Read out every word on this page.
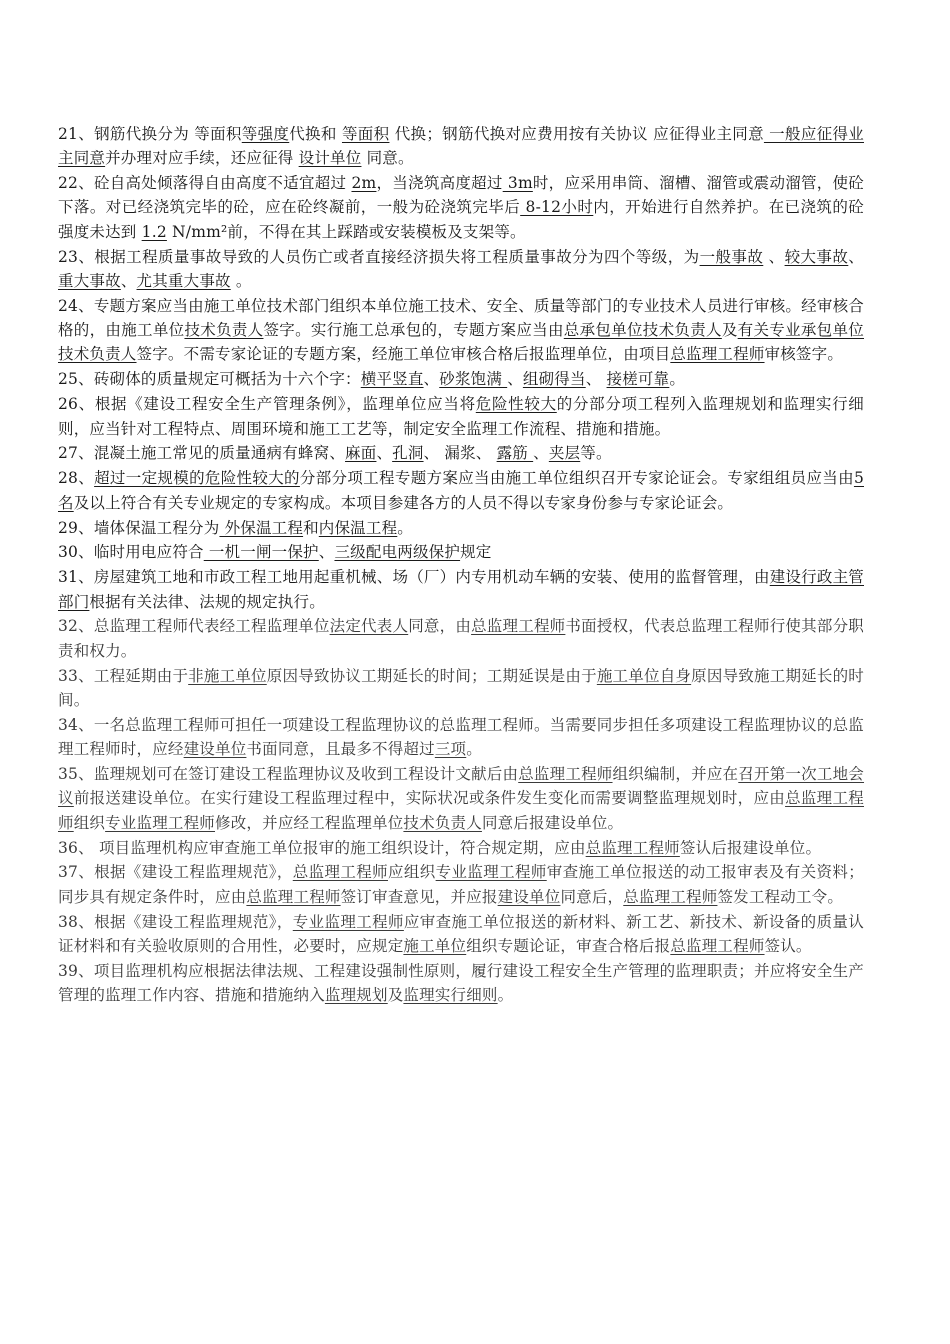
21、钢筋代换分为 等面积等强度代换和 等面积 代换；钢筋代换对应费用按有关协议 应征得业主同意 一般应征得业主同意并办理对应手续，还应征得 设计单位 同意。

22、砼自高处倾落得自由高度不适宜超过 2m，当浇筑高度超过 3m时，应采用串筒、溜槽、溜管或震动溜管，使砼下落。对已经浇筑完毕的砼，应在砼终凝前，一般为砼浇筑完毕后 8-12小时内，开始进行自然养护。在已浇筑的砼强度未达到 1.2 N/mm²前，不得在其上踩踏或安装模板及支架等。

23、根据工程质量事故导致的人员伤亡或者直接经济损失将工程质量事故分为四个等级，为一般事故 、较大事故、重大事故、尤其重大事故 。

24、专题方案应当由施工单位技术部门组织本单位施工技术、安全、质量等部门的专业技术人员进行审核。经审核合格的，由施工单位技术负责人签字。实行施工总承包的，专题方案应当由总承包单位技术负责人及有关专业承包单位技术负责人签字。不需专家论证的专题方案，经施工单位审核合格后报监理单位，由项目总监理工程师审核签字。

25、砖砌体的质量规定可概括为十六个字：横平竖直、砂浆饱满 、组砌得当、 接槎可靠。

26、根据《建设工程安全生产管理条例》，监理单位应当将危险性较大的分部分项工程列入监理规划和监理实行细则，应当针对工程特点、周围环境和施工工艺等，制定安全监理工作流程、措施和措施。

27、混凝土施工常见的质量通病有蜂窝、麻面、孔洞、 漏浆、 露筋 、夹层等。

28、超过一定规模的危险性较大的分部分项工程专题方案应当由施工单位组织召开专家论证会。专家组组员应当由5名及以上符合有关专业规定的专家构成。本项目参建各方的人员不得以专家身份参与专家论证会。

29、墙体保温工程分为 外保温工程和内保温工程。

30、临时用电应符合 一机一闸一保护、三级配电两级保护规定

31、房屋建筑工地和市政工程工地用起重机械、场（厂）内专用机动车辆的安装、使用的监督管理，由建设行政主管部门根据有关法律、法规的规定执行。

32、总监理工程师代表经工程监理单位法定代表人同意，由总监理工程师书面授权，代表总监理工程师行使其部分职责和权力。

33、工程延期由于非施工单位原因导致协议工期延长的时间；工期延误是由于施工单位自身原因导致施工期延长的时间。

34、一名总监理工程师可担任一项建设工程监理协议的总监理工程师。当需要同步担任多项建设工程监理协议的总监理工程师时，应经建设单位书面同意，且最多不得超过三项。

35、监理规划可在签订建设工程监理协议及收到工程设计文献后由总监理工程师组织编制，并应在召开第一次工地会议前报送建设单位。在实行建设工程监理过程中，实际状况或条件发生变化而需要调整监理规划时，应由总监理工程师组织专业监理工程师修改，并应经工程监理单位技术负责人同意后报建设单位。

36、 项目监理机构应审查施工单位报审的施工组织设计，符合规定期，应由总监理工程师签认后报建设单位。

37、根据《建设工程监理规范》，总监理工程师应组织专业监理工程师审查施工单位报送的动工报审表及有关资料；同步具有规定条件时，应由总监理工程师签订审查意见，并应报建设单位同意后，总监理工程师签发工程动工令。

38、根据《建设工程监理规范》，专业监理工程师应审查施工单位报送的新材料、新工艺、新技术、新设备的质量认证材料和有关验收原则的合用性，必要时，应规定施工单位组织专题论证，审查合格后报总监理工程师签认。

39、项目监理机构应根据法律法规、工程建设强制性原则，履行建设工程安全生产管理的监理职责；并应将安全生产管理的监理工作内容、措施和措施纳入监理规划及监理实行细则。
